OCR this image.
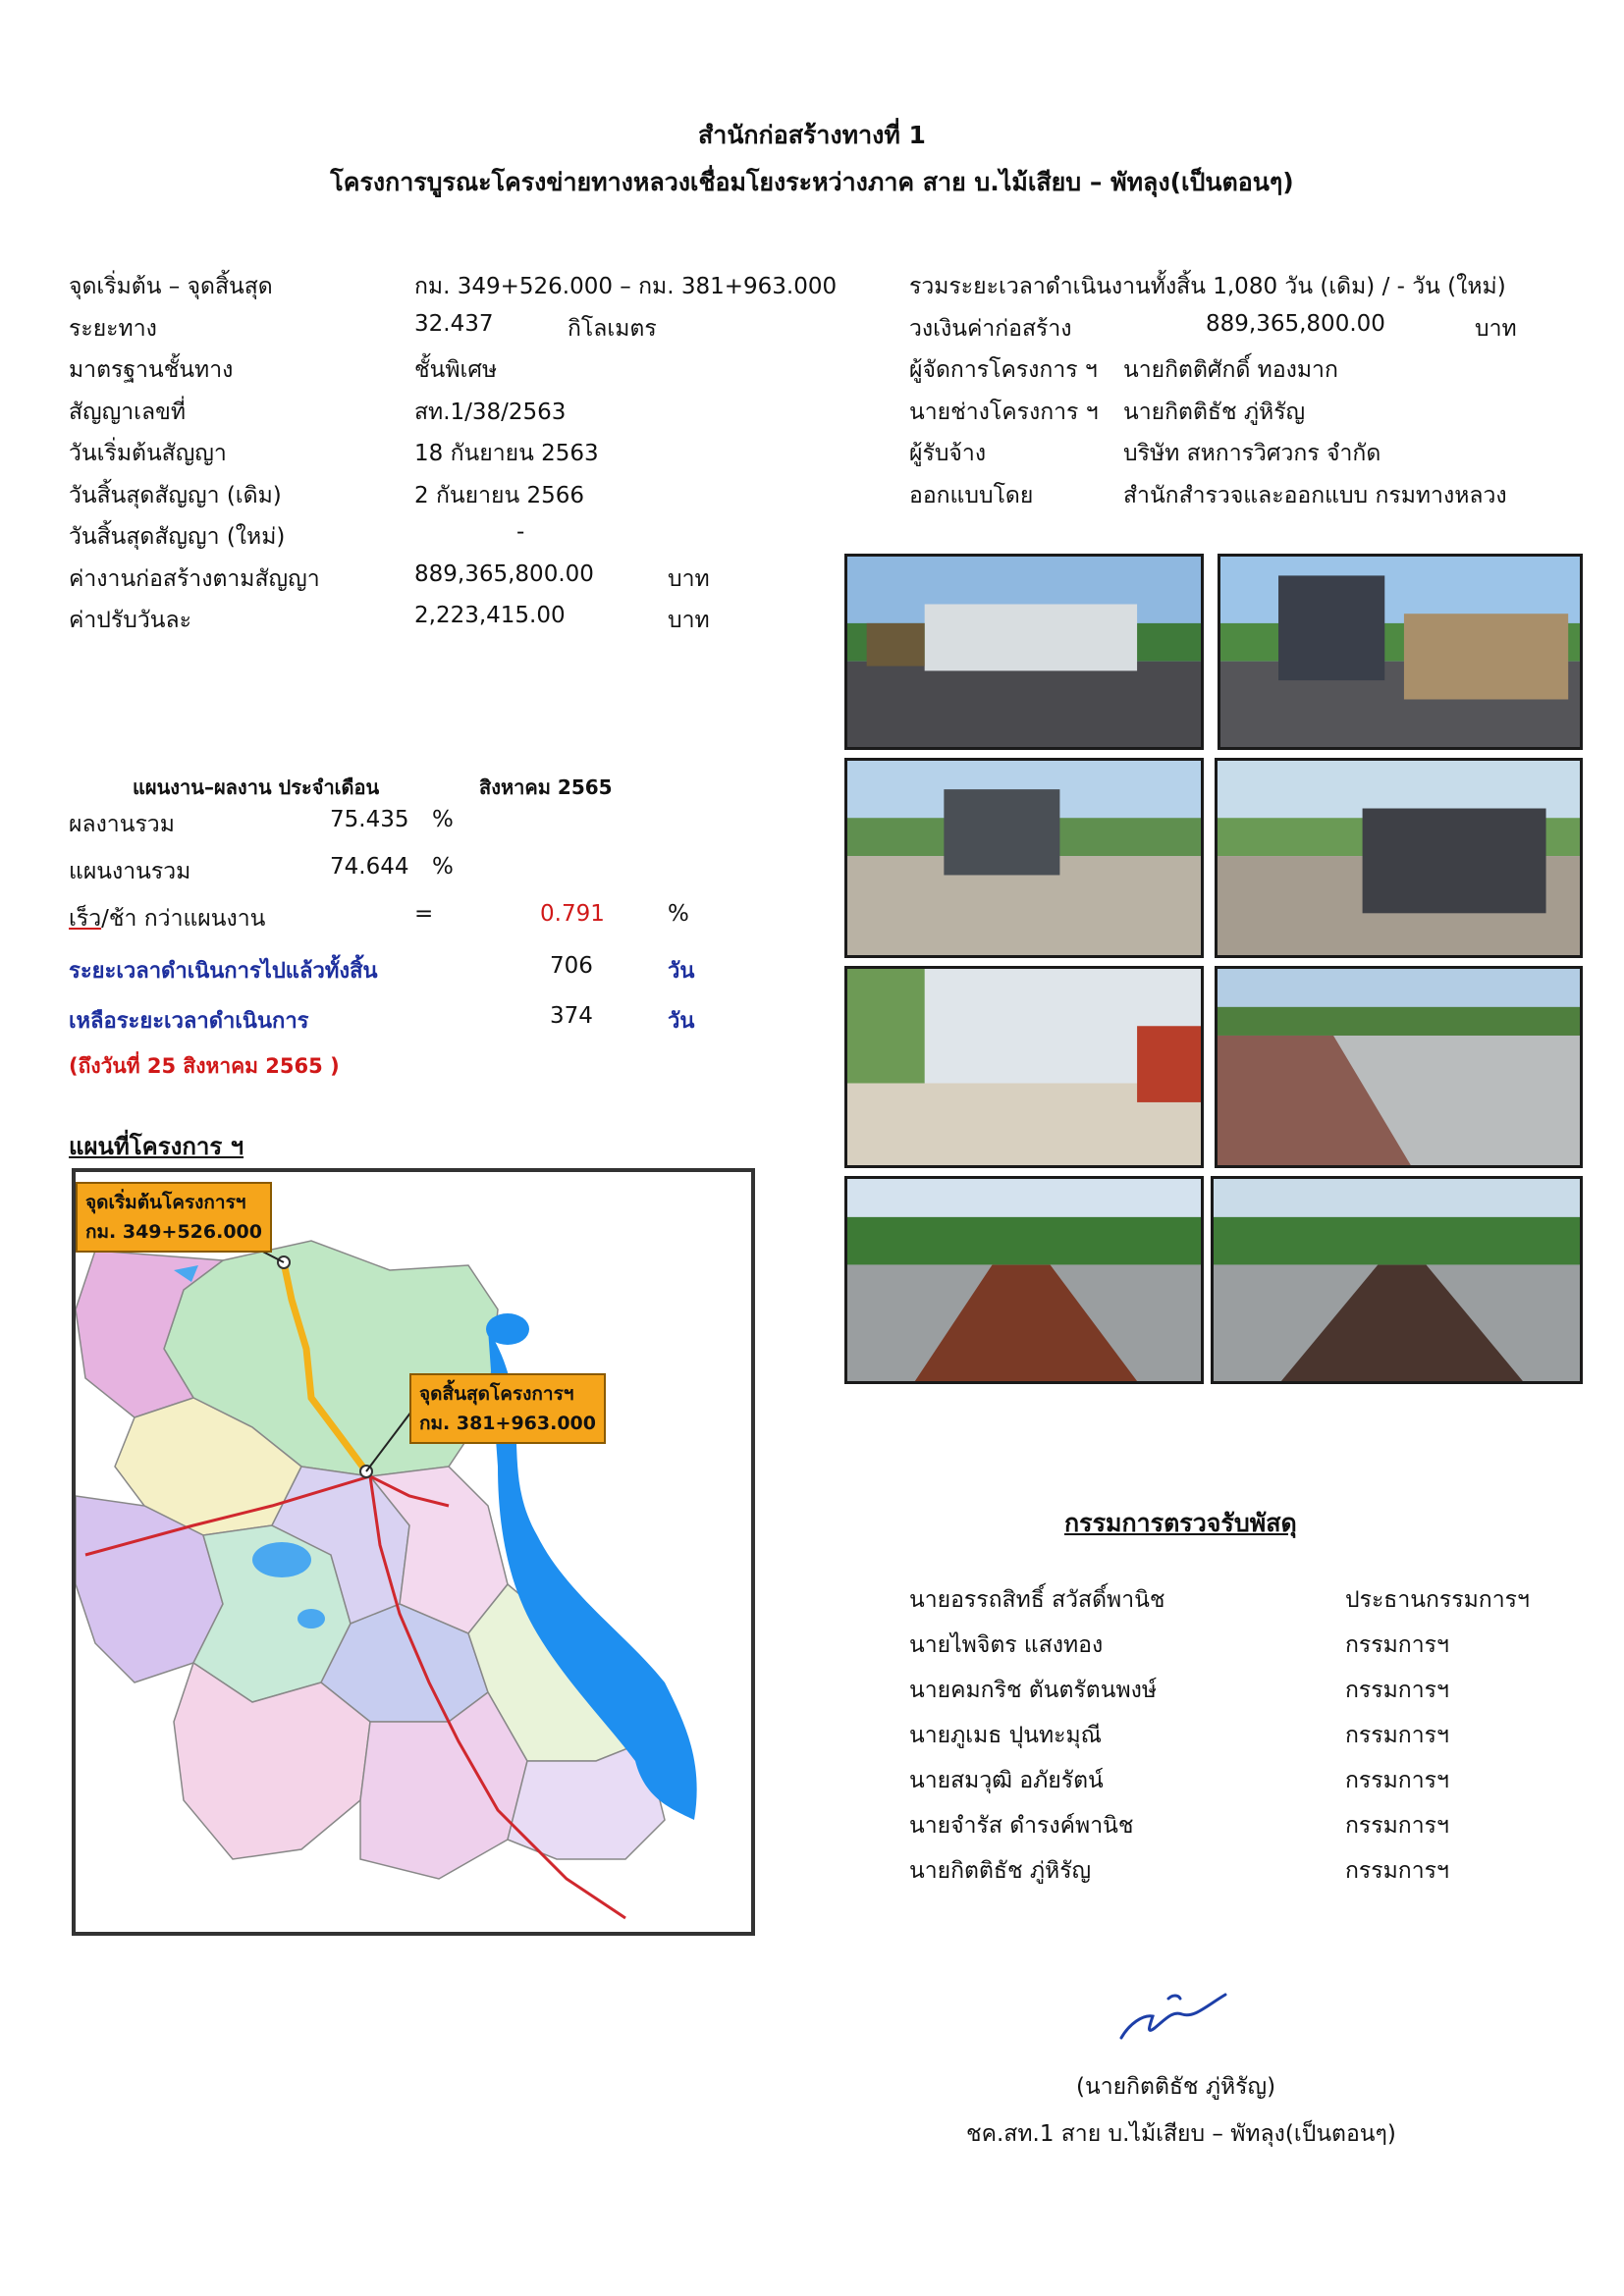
สำนักก่อสร้างทางที่ 1
โครงการบูรณะโครงข่ายทางหลวงเชื่อมโยงระหว่างภาค สาย บ.ไม้เสียบ – พัทลุง(เป็นตอนๆ)
จุดเริ่มต้น – จุดสิ้นสุด	กม. 349+526.000 – กม. 381+963.000
ระยะทาง	32.437	กิโลเมตร
มาตรฐานชั้นทาง	ชั้นพิเศษ
สัญญาเลขที่	สท.1/38/2563
วันเริ่มต้นสัญญา	18 กันยายน 2563
วันสิ้นสุดสัญญา (เดิม)	2 กันยายน 2566
วันสิ้นสุดสัญญา (ใหม่)	-
ค่างานก่อสร้างตามสัญญา	889,365,800.00	บาท
ค่าปรับวันละ	2,223,415.00	บาท
รวมระยะเวลาดำเนินงานทั้งสิ้น 1,080 วัน (เดิม) / - วัน (ใหม่)
วงเงินค่าก่อสร้าง	889,365,800.00	บาท
ผู้จัดการโครงการ ฯ นายกิตติศักดิ์ ทองมาก
นายช่างโครงการ ฯ นายกิตติธัช ภู่หิรัญ
ผู้รับจ้าง	บริษัท สหการวิศวกร จำกัด
ออกแบบโดย	สำนักสำรวจและออกแบบ กรมทางหลวง
แผนงาน–ผลงาน ประจำเดือน	สิงหาคม 2565
ผลงานรวม	75.435 %
แผนงานรวม	74.644 %
เร็ว/ช้า กว่าแผนงาน	=	0.791	%
ระยะเวลาดำเนินการไปแล้วทั้งสิ้น	706	วัน
เหลือระยะเวลาดำเนินการ	374	วัน
(ถึงวันที่ 25 สิงหาคม 2565 )
แผนที่โครงการ ฯ
จุดเริ่มต้นโครงการฯ
กม. 349+526.000
จุดสิ้นสุดโครงการฯ
กม. 381+963.000
กรรมการตรวจรับพัสดุ
นายอรรถสิทธิ์ สวัสดิ์พานิช	ประธานกรรมการฯ
นายไพจิตร แสงทอง	กรรมการฯ
นายคมกริช ตันตรัตนพงษ์	กรรมการฯ
นายภูเมธ ปุนทะมุณี	กรรมการฯ
นายสมวุฒิ อภัยรัตน์	กรรมการฯ
นายจำรัส ดำรงค์พานิช	กรรมการฯ
นายกิตติธัช ภู่หิรัญ	กรรมการฯ
(นายกิตติธัช ภู่หิรัญ)
ชค.สท.1 สาย บ.ไม้เสียบ – พัทลุง(เป็นตอนๆ)
